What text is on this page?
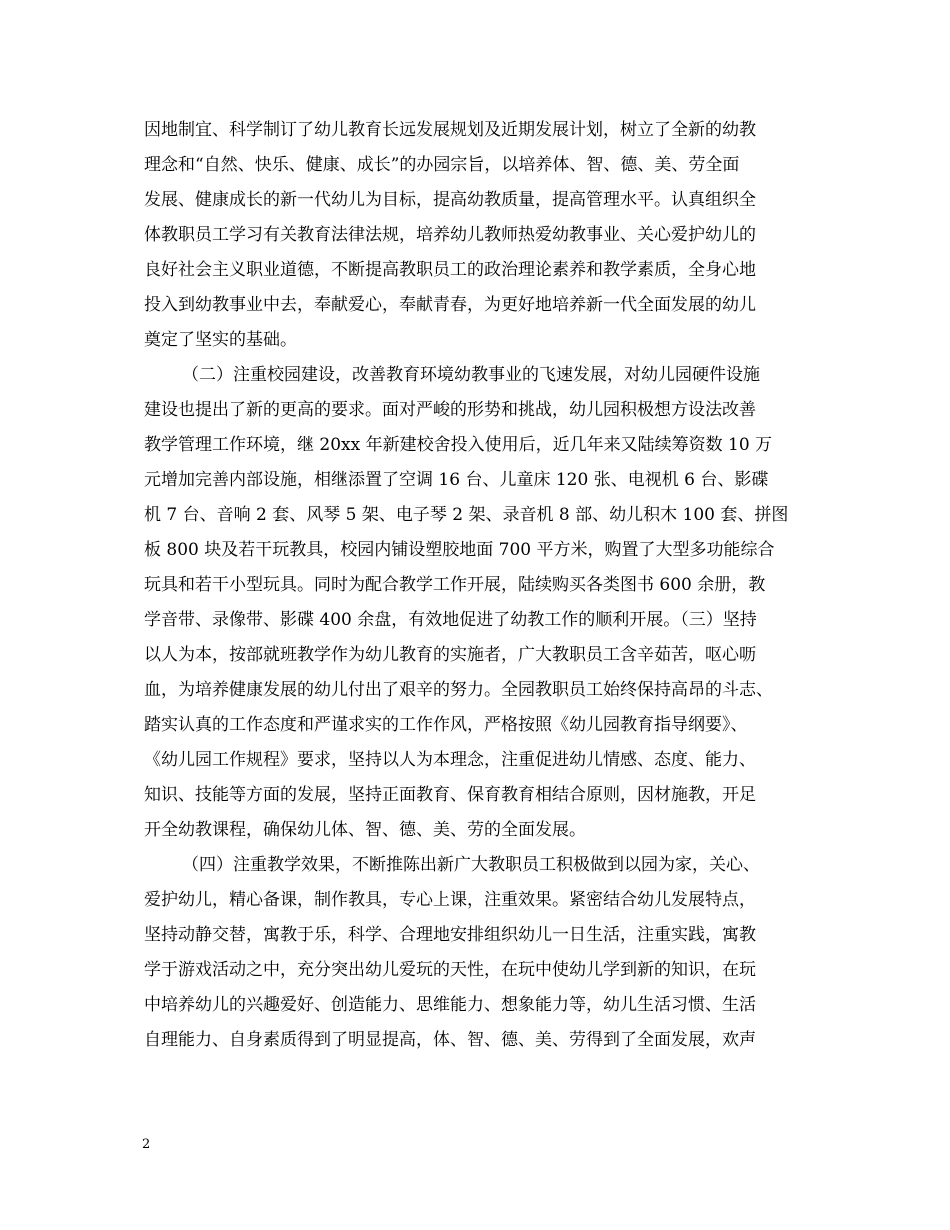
因地制宜、科学制订了幼儿教育长远发展规划及近期发展计划，树立了全新的幼教
理念和“自然、快乐、健康、成长”的办园宗旨，以培养体、智、德、美、劳全面
发展、健康成长的新一代幼儿为目标，提高幼教质量，提高管理水平。认真组织全
体教职员工学习有关教育法律法规，培养幼儿教师热爱幼教事业、关心爱护幼儿的
良好社会主义职业道德，不断提高教职员工的政治理论素养和教学素质，全身心地
投入到幼教事业中去，奉献爱心，奉献青春，为更好地培养新一代全面发展的幼儿
奠定了坚实的基础。
（二）注重校园建设，改善教育环境幼教事业的飞速发展，对幼儿园硬件设施
建设也提出了新的更高的要求。面对严峻的形势和挑战，幼儿园积极想方设法改善
教学管理工作环境，继 20xx 年新建校舍投入使用后，近几年来又陆续筹资数 10 万
元增加完善内部设施，相继添置了空调 16 台、儿童床 120 张、电视机 6 台、影碟
机 7 台、音响 2 套、风琴 5 架、电子琴 2 架、录音机 8 部、幼儿积木 100 套、拼图
板 800 块及若干玩教具，校园内铺设塑胶地面 700 平方米，购置了大型多功能综合
玩具和若干小型玩具。同时为配合教学工作开展，陆续购买各类图书 600 余册，教
学音带、录像带、影碟 400 余盘，有效地促进了幼教工作的顺利开展。（三）坚持
以人为本，按部就班教学作为幼儿教育的实施者，广大教职员工含辛茹苦，呕心呖
血，为培养健康发展的幼儿付出了艰辛的努力。全园教职员工始终保持高昂的斗志、
踏实认真的工作态度和严谨求实的工作作风，严格按照《幼儿园教育指导纲要》、
《幼儿园工作规程》要求，坚持以人为本理念，注重促进幼儿情感、态度、能力、
知识、技能等方面的发展，坚持正面教育、保育教育相结合原则，因材施教，开足
开全幼教课程，确保幼儿体、智、德、美、劳的全面发展。
（四）注重教学效果，不断推陈出新广大教职员工积极做到以园为家，关心、
爱护幼儿，精心备课，制作教具，专心上课，注重效果。紧密结合幼儿发展特点，
坚持动静交替，寓教于乐，科学、合理地安排组织幼儿一日生活，注重实践，寓教
学于游戏活动之中，充分突出幼儿爱玩的天性，在玩中使幼儿学到新的知识，在玩
中培养幼儿的兴趣爱好、创造能力、思维能力、想象能力等，幼儿生活习惯、生活
自理能力、自身素质得到了明显提高，体、智、德、美、劳得到了全面发展，欢声
2
